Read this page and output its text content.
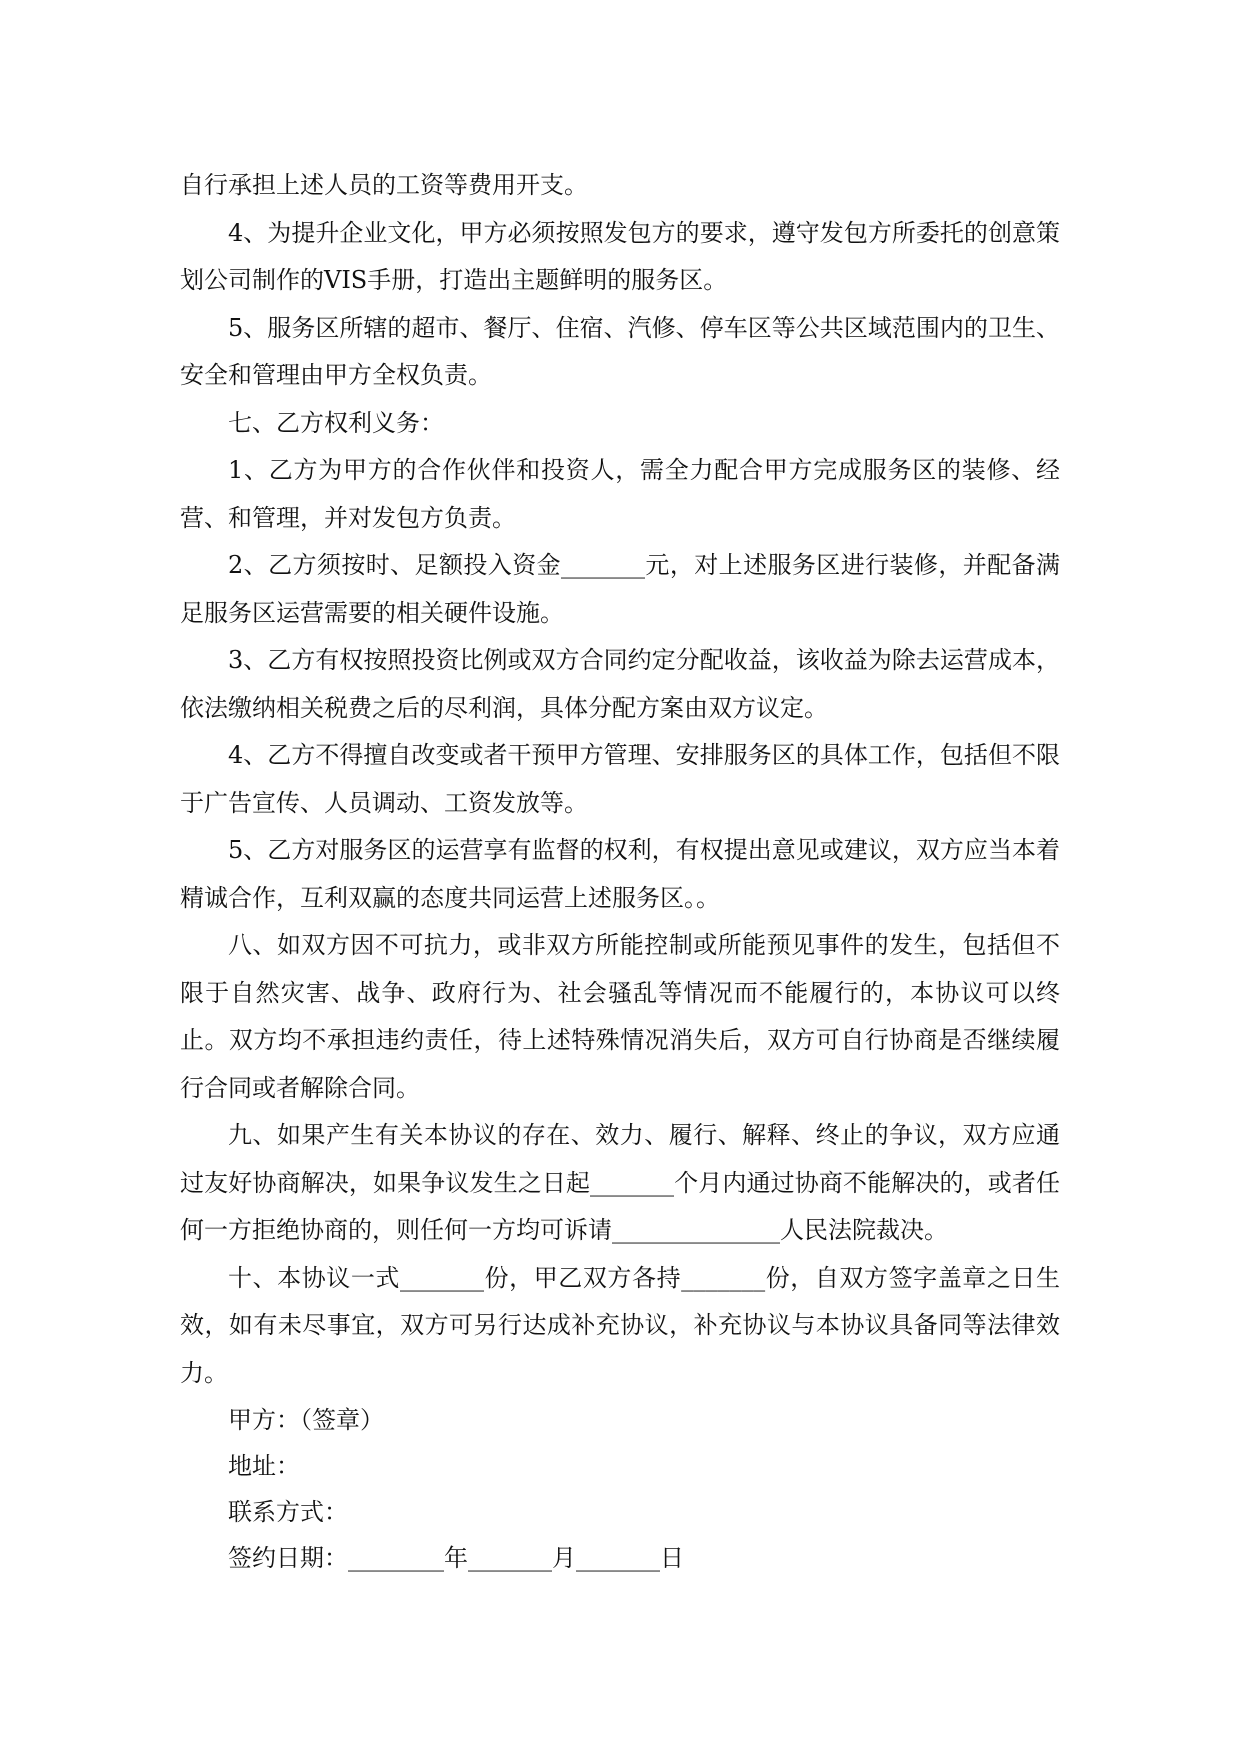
自行承担上述人员的工资等费用开支。

4、为提升企业文化，甲方必须按照发包方的要求，遵守发包方所委托的创意策划公司制作的VIS手册，打造出主题鲜明的服务区。

5、服务区所辖的超市、餐厅、住宿、汽修、停车区等公共区域范围内的卫生、安全和管理由甲方全权负责。

七、乙方权利义务：

1、乙方为甲方的合作伙伴和投资人，需全力配合甲方完成服务区的装修、经营、和管理，并对发包方负责。

2、乙方须按时、足额投入资金_______元，对上述服务区进行装修，并配备满足服务区运营需要的相关硬件设施。

3、乙方有权按照投资比例或双方合同约定分配收益，该收益为除去运营成本，依法缴纳相关税费之后的尽利润，具体分配方案由双方议定。

4、乙方不得擅自改变或者干预甲方管理、安排服务区的具体工作，包括但不限于广告宣传、人员调动、工资发放等。

5、乙方对服务区的运营享有监督的权利，有权提出意见或建议，双方应当本着精诚合作，互利双赢的态度共同运营上述服务区。。

八、如双方因不可抗力，或非双方所能控制或所能预见事件的发生，包括但不限于自然灾害、战争、政府行为、社会骚乱等情况而不能履行的，本协议可以终止。双方均不承担违约责任，待上述特殊情况消失后，双方可自行协商是否继续履行合同或者解除合同。

九、如果产生有关本协议的存在、效力、履行、解释、终止的争议，双方应通过友好协商解决，如果争议发生之日起_______个月内通过协商不能解决的，或者任何一方拒绝协商的，则任何一方均可诉请______________人民法院裁决。

十、本协议一式_______份，甲乙双方各持_______份，自双方签字盖章之日生效，如有未尽事宜，双方可另行达成补充协议，补充协议与本协议具备同等法律效力。

甲方：（签章）

地址：

联系方式：

签约日期：________年_______月_______日
